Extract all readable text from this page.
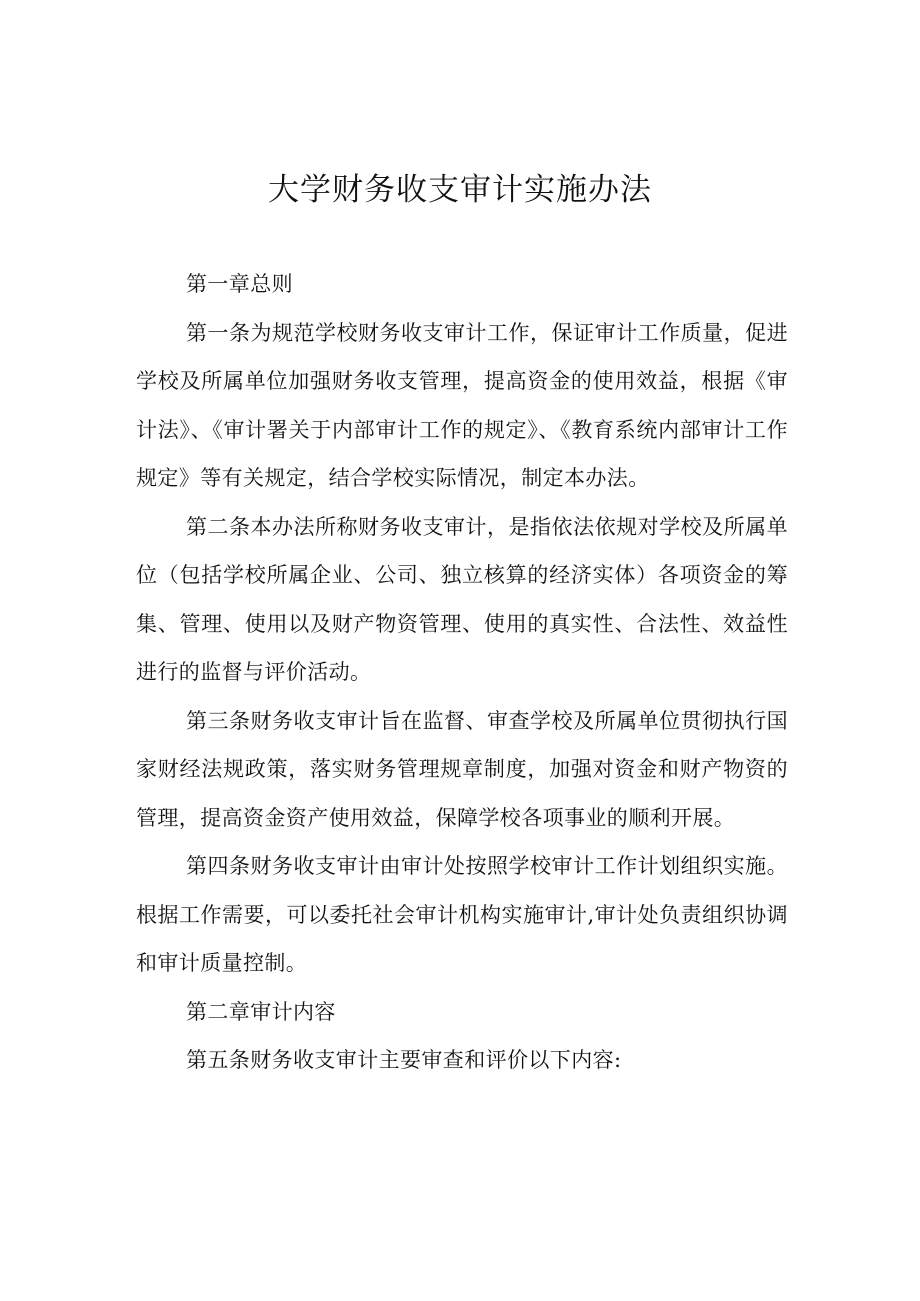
大学财务收支审计实施办法

第一章总则

第一条为规范学校财务收支审计工作，保证审计工作质量，促进学校及所属单位加强财务收支管理，提高资金的使用效益，根据《审计法》、《审计署关于内部审计工作的规定》、《教育系统内部审计工作规定》等有关规定，结合学校实际情况，制定本办法。

第二条本办法所称财务收支审计，是指依法依规对学校及所属单位（包括学校所属企业、公司、独立核算的经济实体）各项资金的筹集、管理、使用以及财产物资管理、使用的真实性、合法性、效益性进行的监督与评价活动。

第三条财务收支审计旨在监督、审查学校及所属单位贯彻执行国家财经法规政策，落实财务管理规章制度，加强对资金和财产物资的管理，提高资金资产使用效益，保障学校各项事业的顺利开展。

第四条财务收支审计由审计处按照学校审计工作计划组织实施。根据工作需要，可以委托社会审计机构实施审计,审计处负责组织协调和审计质量控制。

第二章审计内容

第五条财务收支审计主要审查和评价以下内容:
